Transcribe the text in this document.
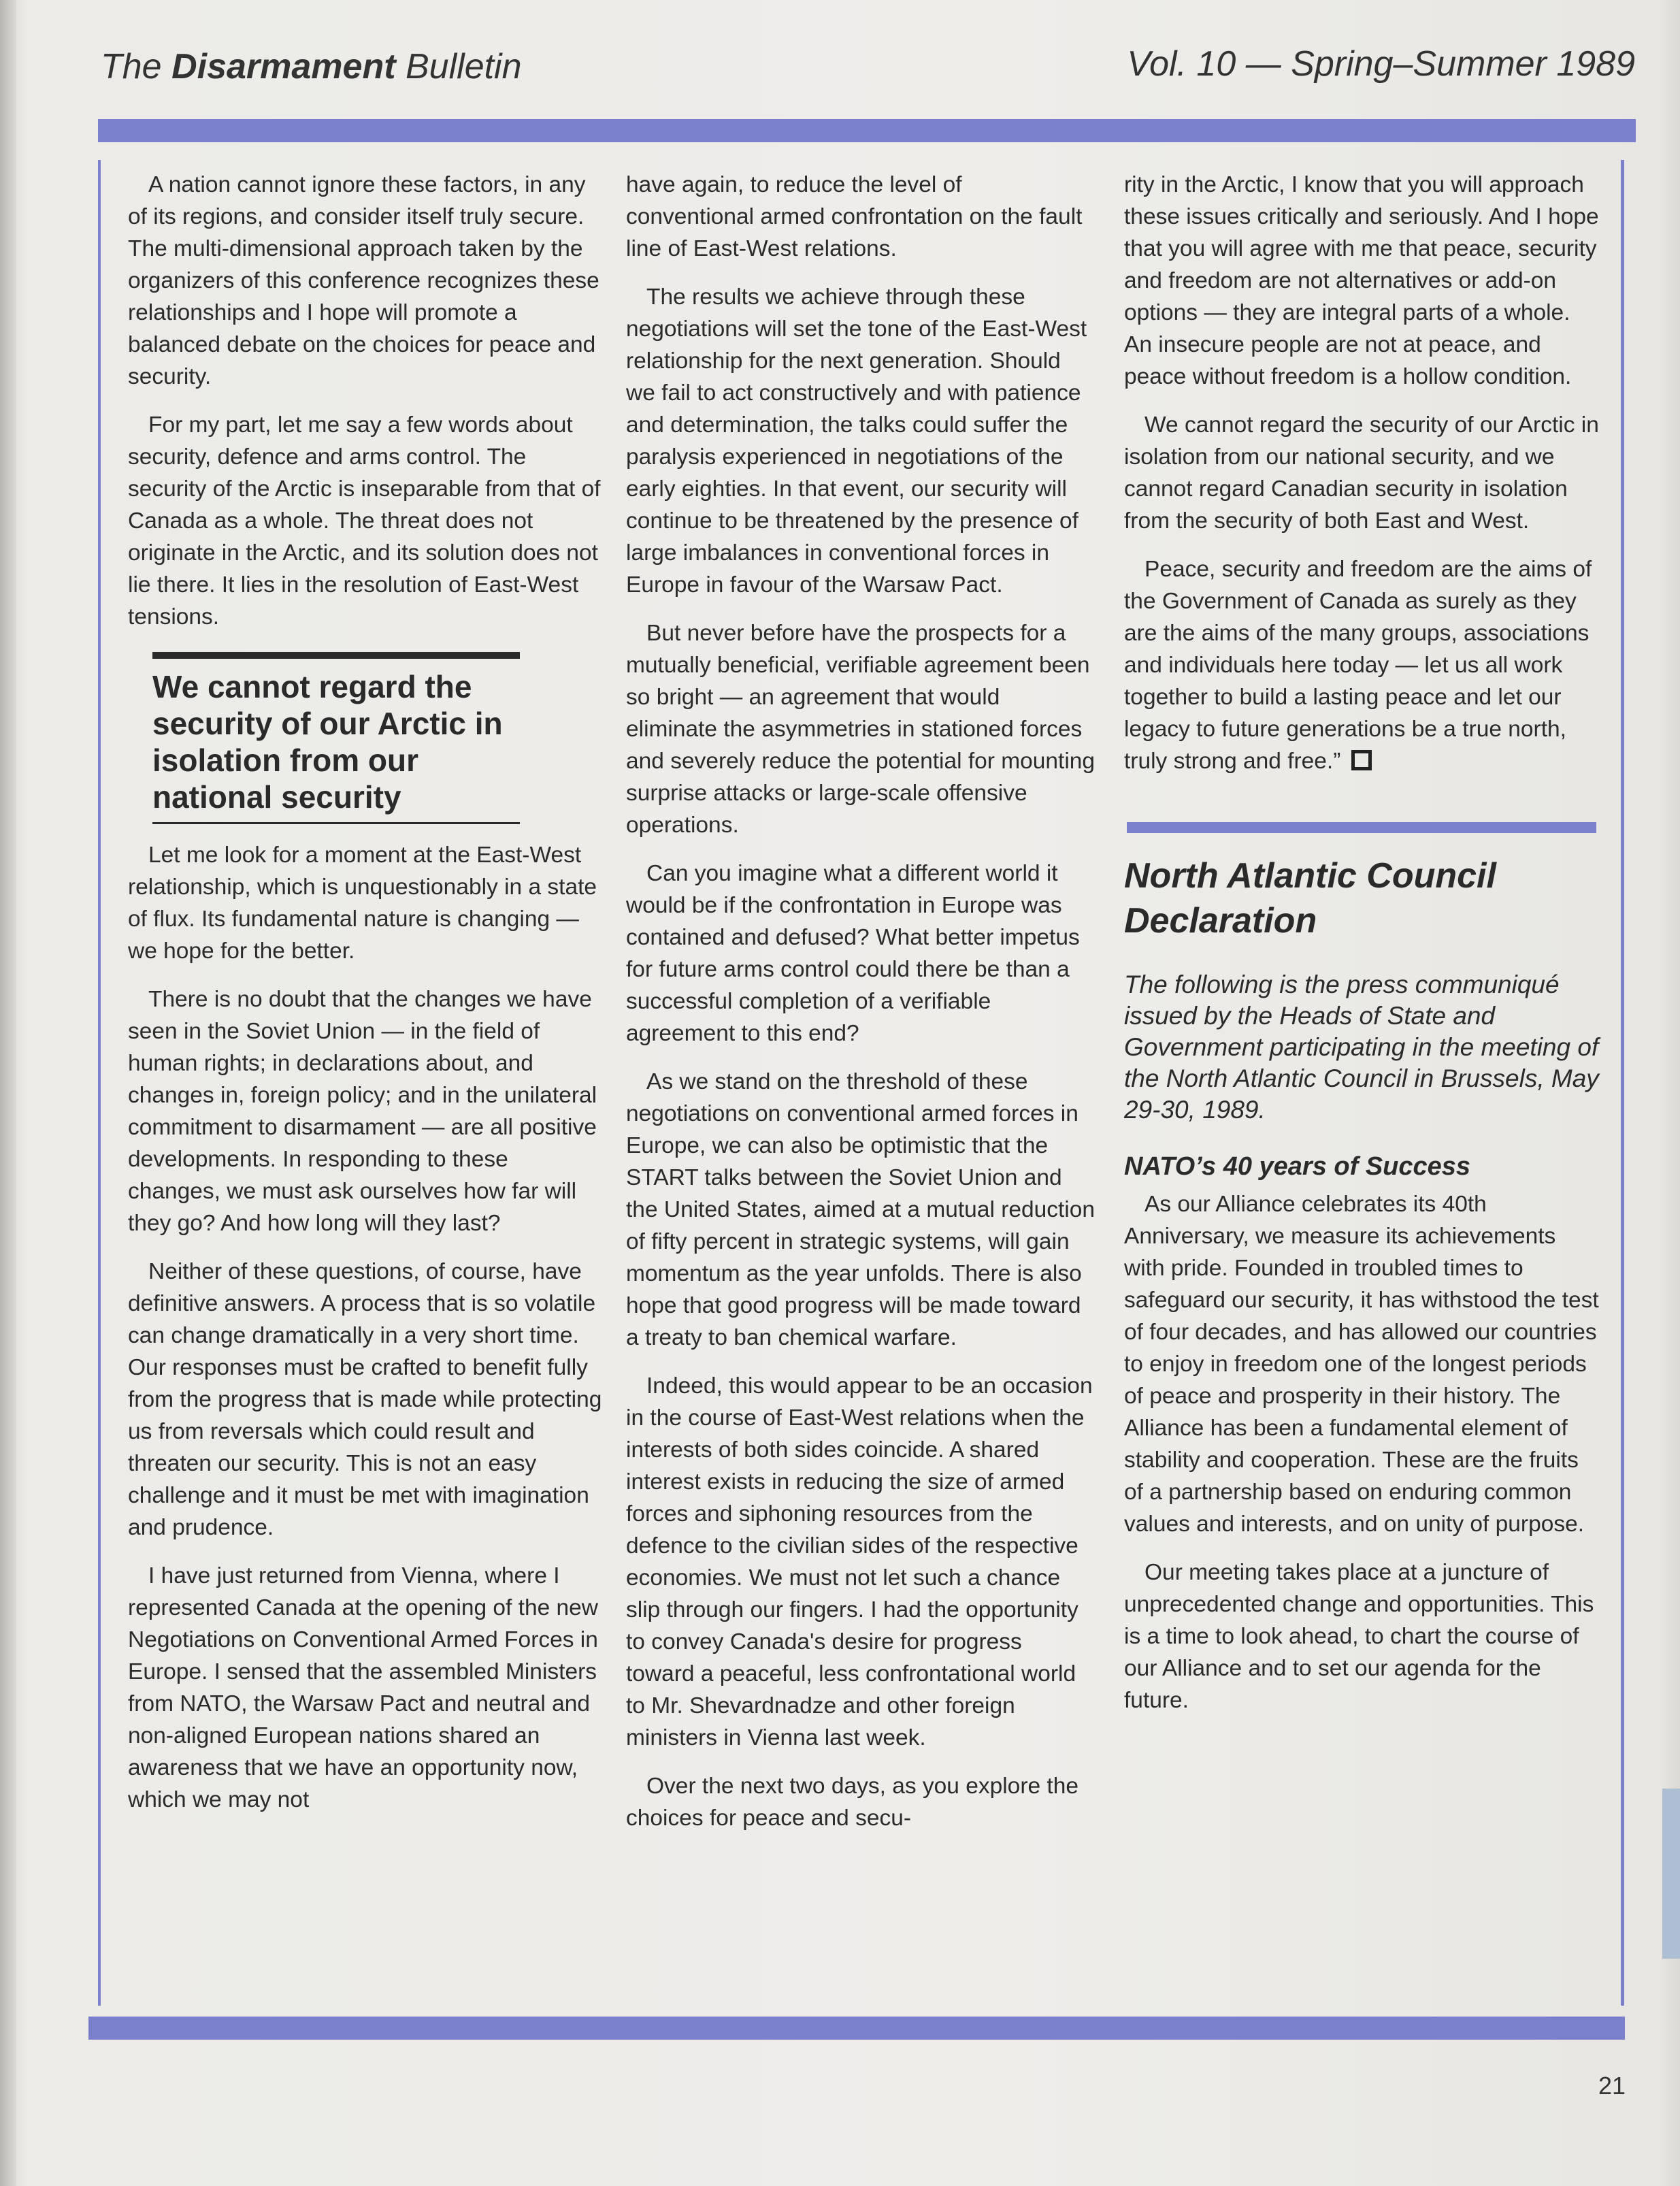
The Disarmament Bulletin	Vol. 10 — Spring–Summer 1989

A nation cannot ignore these factors, in any of its regions, and consider itself truly secure. The multi-dimensional approach taken by the organizers of this conference recognizes these relationships and I hope will promote a balanced debate on the choices for peace and security.

For my part, let me say a few words about security, defence and arms control. The security of the Arctic is inseparable from that of Canada as a whole. The threat does not originate in the Arctic, and its solution does not lie there. It lies in the resolution of East-West tensions.

We cannot regard the security of our Arctic in isolation from our national security

Let me look for a moment at the East-West relationship, which is unquestionably in a state of flux. Its fundamental nature is changing — we hope for the better.

There is no doubt that the changes we have seen in the Soviet Union — in the field of human rights; in declarations about, and changes in, foreign policy; and in the unilateral commitment to disarmament — are all positive developments. In responding to these changes, we must ask ourselves how far will they go? And how long will they last?

Neither of these questions, of course, have definitive answers. A process that is so volatile can change dramatically in a very short time. Our responses must be crafted to benefit fully from the progress that is made while protecting us from reversals which could result and threaten our security. This is not an easy challenge and it must be met with imagination and prudence.

I have just returned from Vienna, where I represented Canada at the opening of the new Negotiations on Conventional Armed Forces in Europe. I sensed that the assembled Ministers from NATO, the Warsaw Pact and neutral and non-aligned European nations shared an awareness that we have an opportunity now, which we may not

have again, to reduce the level of conventional armed confrontation on the fault line of East-West relations.

The results we achieve through these negotiations will set the tone of the East-West relationship for the next generation. Should we fail to act constructively and with patience and determination, the talks could suffer the paralysis experienced in negotiations of the early eighties. In that event, our security will continue to be threatened by the presence of large imbalances in conventional forces in Europe in favour of the Warsaw Pact.

But never before have the prospects for a mutually beneficial, verifiable agreement been so bright — an agreement that would eliminate the asymmetries in stationed forces and severely reduce the potential for mounting surprise attacks or large-scale offensive operations.

Can you imagine what a different world it would be if the confrontation in Europe was contained and defused? What better impetus for future arms control could there be than a successful completion of a verifiable agreement to this end?

As we stand on the threshold of these negotiations on conventional armed forces in Europe, we can also be optimistic that the START talks between the Soviet Union and the United States, aimed at a mutual reduction of fifty percent in strategic systems, will gain momentum as the year unfolds. There is also hope that good progress will be made toward a treaty to ban chemical warfare.

Indeed, this would appear to be an occasion in the course of East-West relations when the interests of both sides coincide. A shared interest exists in reducing the size of armed forces and siphoning resources from the defence to the civilian sides of the respective economies. We must not let such a chance slip through our fingers. I had the opportunity to convey Canada's desire for progress toward a peaceful, less confrontational world to Mr. Shevardnadze and other foreign ministers in Vienna last week.

Over the next two days, as you explore the choices for peace and secu-

rity in the Arctic, I know that you will approach these issues critically and seriously. And I hope that you will agree with me that peace, security and freedom are not alternatives or add-on options — they are integral parts of a whole. An insecure people are not at peace, and peace without freedom is a hollow condition.

We cannot regard the security of our Arctic in isolation from our national security, and we cannot regard Canadian security in isolation from the security of both East and West.

Peace, security and freedom are the aims of the Government of Canada as surely as they are the aims of the many groups, associations and individuals here today — let us all work together to build a lasting peace and let our legacy to future generations be a true north, truly strong and free.”

North Atlantic Council Declaration
The following is the press communiqué issued by the Heads of State and Government participating in the meeting of the North Atlantic Council in Brussels, May 29-30, 1989.
NATO’s 40 years of Success

As our Alliance celebrates its 40th Anniversary, we measure its achievements with pride. Founded in troubled times to safeguard our security, it has withstood the test of four decades, and has allowed our countries to enjoy in freedom one of the longest periods of peace and prosperity in their history. The Alliance has been a fundamental element of stability and cooperation. These are the fruits of a partnership based on enduring common values and interests, and on unity of purpose.

Our meeting takes place at a juncture of unprecedented change and opportunities. This is a time to look ahead, to chart the course of our Alliance and to set our agenda for the future.

21
